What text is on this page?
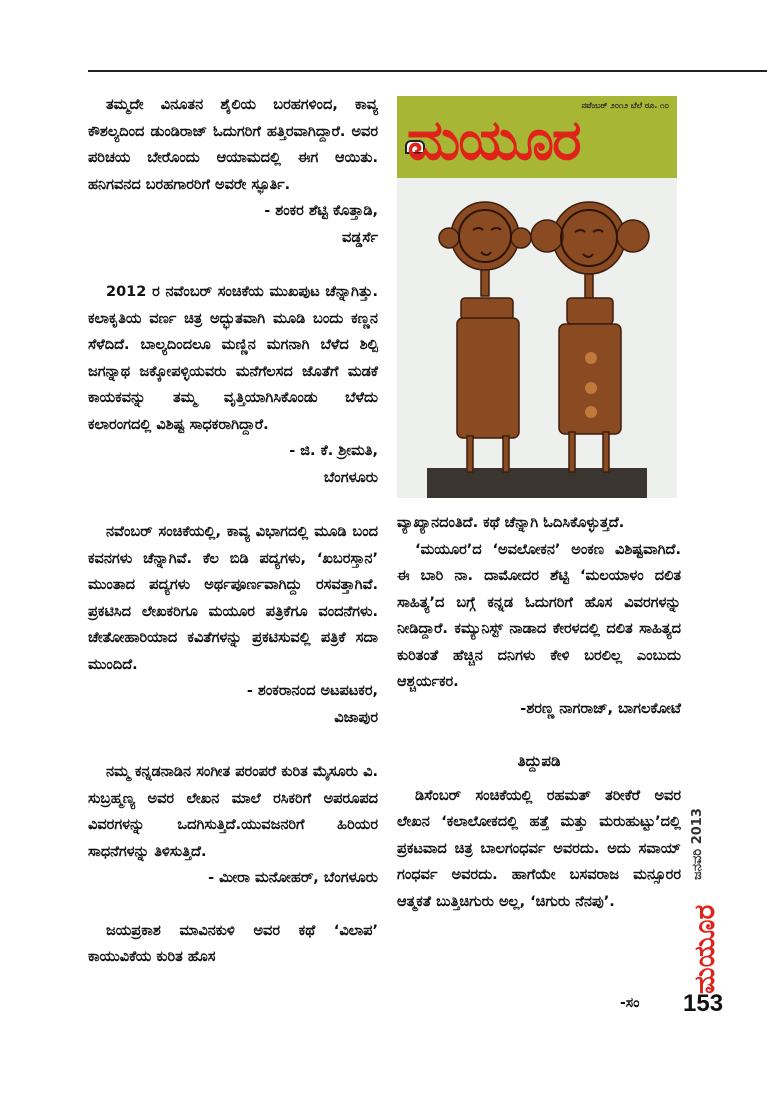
ತಮ್ಮದೇ ವಿನೂತನ ಶೈಲಿಯ ಬರಹಗಳಿಂದ, ಕಾವ್ಯ ಕೌಶಲ್ಯದಿಂದ ಡುಂಡಿರಾಜ್ ಓದುಗರಿಗೆ ಹತ್ತಿರವಾಗಿದ್ದಾರೆ. ಅವರ ಪರಿಚಯ ಬೇರೊಂದು ಆಯಾಮದಲ್ಲಿ ಈಗ ಆಯಿತು. ಹನಿಗವನದ ಬರಹಗಾರರಿಗೆ ಅವರೇ ಸ್ಫೂರ್ತಿ.

- ಶಂಕರ ಶೆಟ್ಟಿ ಕೊತ್ತಾಡಿ,

ವಡ್ಡರ್ಸೆ

2012 ರ ನವೆಂಬರ್ ಸಂಚಿಕೆಯ ಮುಖಪುಟ ಚೆನ್ನಾಗಿತ್ತು. ಕಲಾಕೃತಿಯ ವರ್ಣ ಚಿತ್ರ ಅದ್ಭುತವಾಗಿ ಮೂಡಿ ಬಂದು ಕಣ್ಣನ ಸೆಳೆದಿದೆ. ಬಾಲ್ಯದಿಂದಲೂ ಮಣ್ಣಿನ ಮಗನಾಗಿ ಬೆಳೆದ ಶಿಲ್ಪಿ ಜಗನ್ನಾಥ ಜಕ್ಕೋಪಳ್ಳಿಯವರು ಮನೆಗೆಲಸದ ಜೊತೆಗೆ ಮಡಕೆ ಕಾಯಕವನ್ನು ತಮ್ಮ ವೃತ್ತಿಯಾಗಿಸಿಕೊಂಡು ಬೆಳೆದು ಕಲಾರಂಗದಲ್ಲಿ ವಿಶಿಷ್ಟ ಸಾಧಕರಾಗಿದ್ದಾರೆ.

- ಜಿ. ಕೆ. ಶ್ರೀಮತಿ,

ಬೆಂಗಳೂರು

ನವೆಂಬರ್ ಸಂಚಿಕೆಯಲ್ಲಿ, ಕಾವ್ಯ ವಿಭಾಗದಲ್ಲಿ ಮೂಡಿ ಬಂದ ಕವನಗಳು ಚೆನ್ನಾಗಿವೆ. ಕೆಲ ಬಿಡಿ ಪದ್ಯಗಳು, ‘ಖಬರಸ್ತಾನ’ ಮುಂತಾದ ಪದ್ಯಗಳು ಅರ್ಥಪೂರ್ಣವಾಗಿದ್ದು ರಸವತ್ತಾಗಿವೆ. ಪ್ರಕಟಿಸಿದ ಲೇಖಕರಿಗೂ ಮಯೂರ ಪತ್ರಿಕೆಗೂ ವಂದನೆಗಳು. ಚೇತೋಹಾರಿಯಾದ ಕವಿತೆಗಳನ್ನು ಪ್ರಕಟಿಸುವಲ್ಲಿ ಪತ್ರಿಕೆ ಸದಾ ಮುಂದಿದೆ.

- ಶಂಕರಾನಂದ ಅಟಪಟಕರ,

ವಿಜಾಪುರ

ನಮ್ಮ ಕನ್ನಡನಾಡಿನ ಸಂಗೀತ ಪರಂಪರೆ ಕುರಿತ ಮೈಸೂರು ವಿ. ಸುಬ್ರಹ್ಮಣ್ಯ ಅವರ ಲೇಖನ ಮಾಲೆ ರಸಿಕರಿಗೆ ಅಪರೂಪದ ವಿವರಗಳನ್ನು ಒದಗಿಸುತ್ತಿದೆ.ಯುವಜನರಿಗೆ ಹಿರಿಯರ ಸಾಧನೆಗಳನ್ನು ತಿಳಿಸುತ್ತಿದೆ.

- ಮೀರಾ ಮನೋಹರ್, ಬೆಂಗಳೂರು

ಜಯಪ್ರಕಾಶ ಮಾವಿನಕುಳಿ ಅವರ ಕಥೆ ‘ವಿಲಾಪ’ ಕಾಯುವಿಕೆಯ ಕುರಿತ ಹೊಸ

ನವೆಂಬರ್ ೨೦೧೨ ಬೆಲೆ ರೂ. ೧೦
ಮಯೂರ

ವ್ಯಾಖ್ಯಾನದಂತಿದೆ. ಕಥೆ ಚೆನ್ನಾಗಿ ಓದಿಸಿಕೊಳ್ಳುತ್ತದೆ.

‘ಮಯೂರ’ದ ‘ಅವಲೋಕನ’ ಅಂಕಣ ವಿಶಿಷ್ಟವಾಗಿದೆ. ಈ ಬಾರಿ ನಾ. ದಾಮೋದರ ಶೆಟ್ಟಿ ‘ಮಲಯಾಳಂ ದಲಿತ ಸಾಹಿತ್ಯ’ದ ಬಗ್ಗೆ ಕನ್ನಡ ಓದುಗರಿಗೆ ಹೊಸ ವಿವರಗಳನ್ನು ನೀಡಿದ್ದಾರೆ. ಕಮ್ಯುನಿಸ್ಟ್ ನಾಡಾದ ಕೇರಳದಲ್ಲಿ ದಲಿತ ಸಾಹಿತ್ಯದ ಕುರಿತಂತೆ ಹೆಚ್ಚಿನ ದನಿಗಳು ಕೇಳಿ ಬರಲಿಲ್ಲ ಎಂಬುದು ಆಶ್ಚರ್ಯಕರ.

-ಶರಣ್ಣ ನಾಗರಾಜ್, ಬಾಗಲಕೋಟೆ

ತಿದ್ದುಪಡಿ

ಡಿಸೆಂಬರ್ ಸಂಚಿಕೆಯಲ್ಲಿ ರಹಮತ್ ತರೀಕೆರೆ ಅವರ ಲೇಖನ ‘ಕಲಾಲೋಕದಲ್ಲಿ ಹತ್ತೆ ಮತ್ತು ಮರುಹುಟ್ಟು’ದಲ್ಲಿ ಪ್ರಕಟವಾದ ಚಿತ್ರ ಬಾಲಗಂಧರ್ವ ಅವರದು. ಅದು ಸವಾಯ್ ಗಂಧರ್ವ ಅವರದು. ಹಾಗೆಯೇ ಬಸವರಾಜ ಮನ್ಸೂರರ ಆತ್ಮಕತೆ ಬುತ್ತಿಚಿಗುರು ಅಲ್ಲ, ‘ಚಿಗುರು ನೆನಪು’.

ಜನವರಿ 2013
ಮಯೂರ
-ಸಂ 153
